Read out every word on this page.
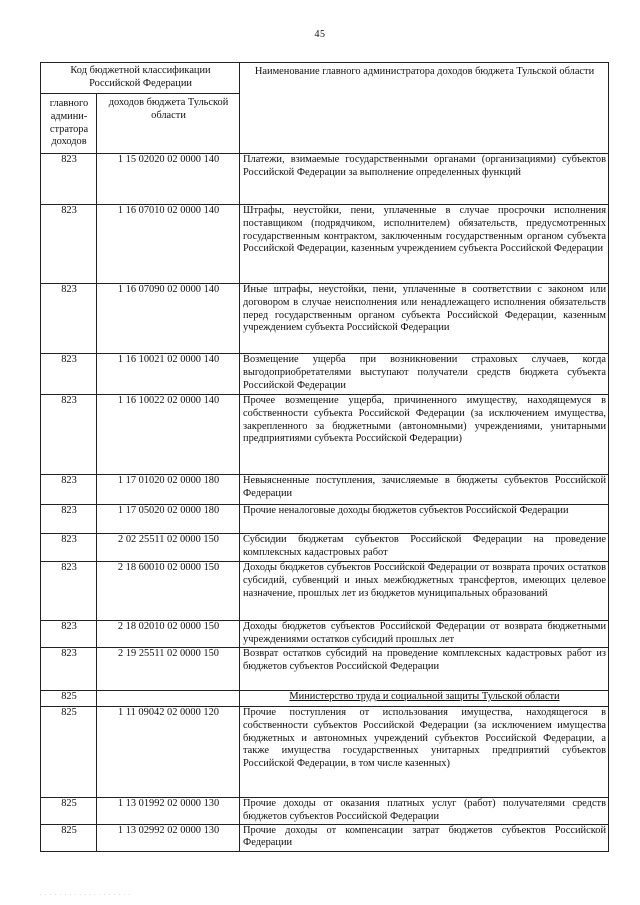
45
Код бюджетной классификации Российской Федерации		Наименование главного администратора доходов бюджета Тульской области
главного админи- стратора доходов	доходов бюджета Тульской области	
823	1 15 02020 02 0000 140	Платежи, взимаемые государственными органами (организациями) субъектов Российской Федерации за выполнение определенных функций
823	1 16 07010 02 0000 140	Штрафы, неустойки, пени, уплаченные в случае просрочки исполнения поставщиком (подрядчиком, исполнителем) обязательств, предусмотренных государственным контрактом, заключенным государственным органом субъекта Российской Федерации, казенным учреждением субъекта Российской Федерации
823	1 16 07090 02 0000 140	Иные штрафы, неустойки, пени, уплаченные в соответствии с законом или договором в случае неисполнения или ненадлежащего исполнения обязательств перед государственным органом субъекта Российской Федерации, казенным учреждением субъекта Российской Федерации
823	1 16 10021 02 0000 140	Возмещение ущерба при возникновении страховых случаев, когда выгодоприобретателями выступают получатели средств бюджета субъекта Российской Федерации
823	1 16 10022 02 0000 140	Прочее возмещение ущерба, причиненного имуществу, находящемуся в собственности субъекта Российской Федерации (за исключением имущества, закрепленного за бюджетными (автономными) учреждениями, унитарными предприятиями субъекта Российской Федерации)
823	1 17 01020 02 0000 180	Невыясненные поступления, зачисляемые в бюджеты субъектов Российской Федерации
823	1 17 05020 02 0000 180	Прочие неналоговые доходы бюджетов субъектов Российской Федерации
823	2 02 25511 02 0000 150	Субсидии бюджетам субъектов Российской Федерации на проведение комплексных кадастровых работ
823	2 18 60010 02 0000 150	Доходы бюджетов субъектов Российской Федерации от возврата прочих остатков субсидий, субвенций и иных межбюджетных трансфертов, имеющих целевое назначение, прошлых лет из бюджетов муниципальных образований
823	2 18 02010 02 0000 150	Доходы бюджетов субъектов Российской Федерации от возврата бюджетными учреждениями остатков субсидий прошлых лет
823	2 19 25511 02 0000 150	Возврат остатков субсидий на проведение комплексных кадастровых работ из бюджетов субъектов Российской Федерации
825		Министерство труда и социальной защиты Тульской области
825	1 11 09042 02 0000 120	Прочие поступления от использования имущества, находящегося в собственности субъектов Российской Федерации (за исключением имущества бюджетных и автономных учреждений субъектов Российской Федерации, а также имущества государственных унитарных предприятий субъектов Российской Федерации, в том числе казенных)
825	1 13 01992 02 0000 130	Прочие доходы от оказания платных услуг (работ) получателями средств бюджетов субъектов Российской Федерации
825	1 13 02992 02 0000 130	Прочие доходы от компенсации затрат бюджетов субъектов Российской Федерации
· · · · · · · · · · · · · · · · · · ·
